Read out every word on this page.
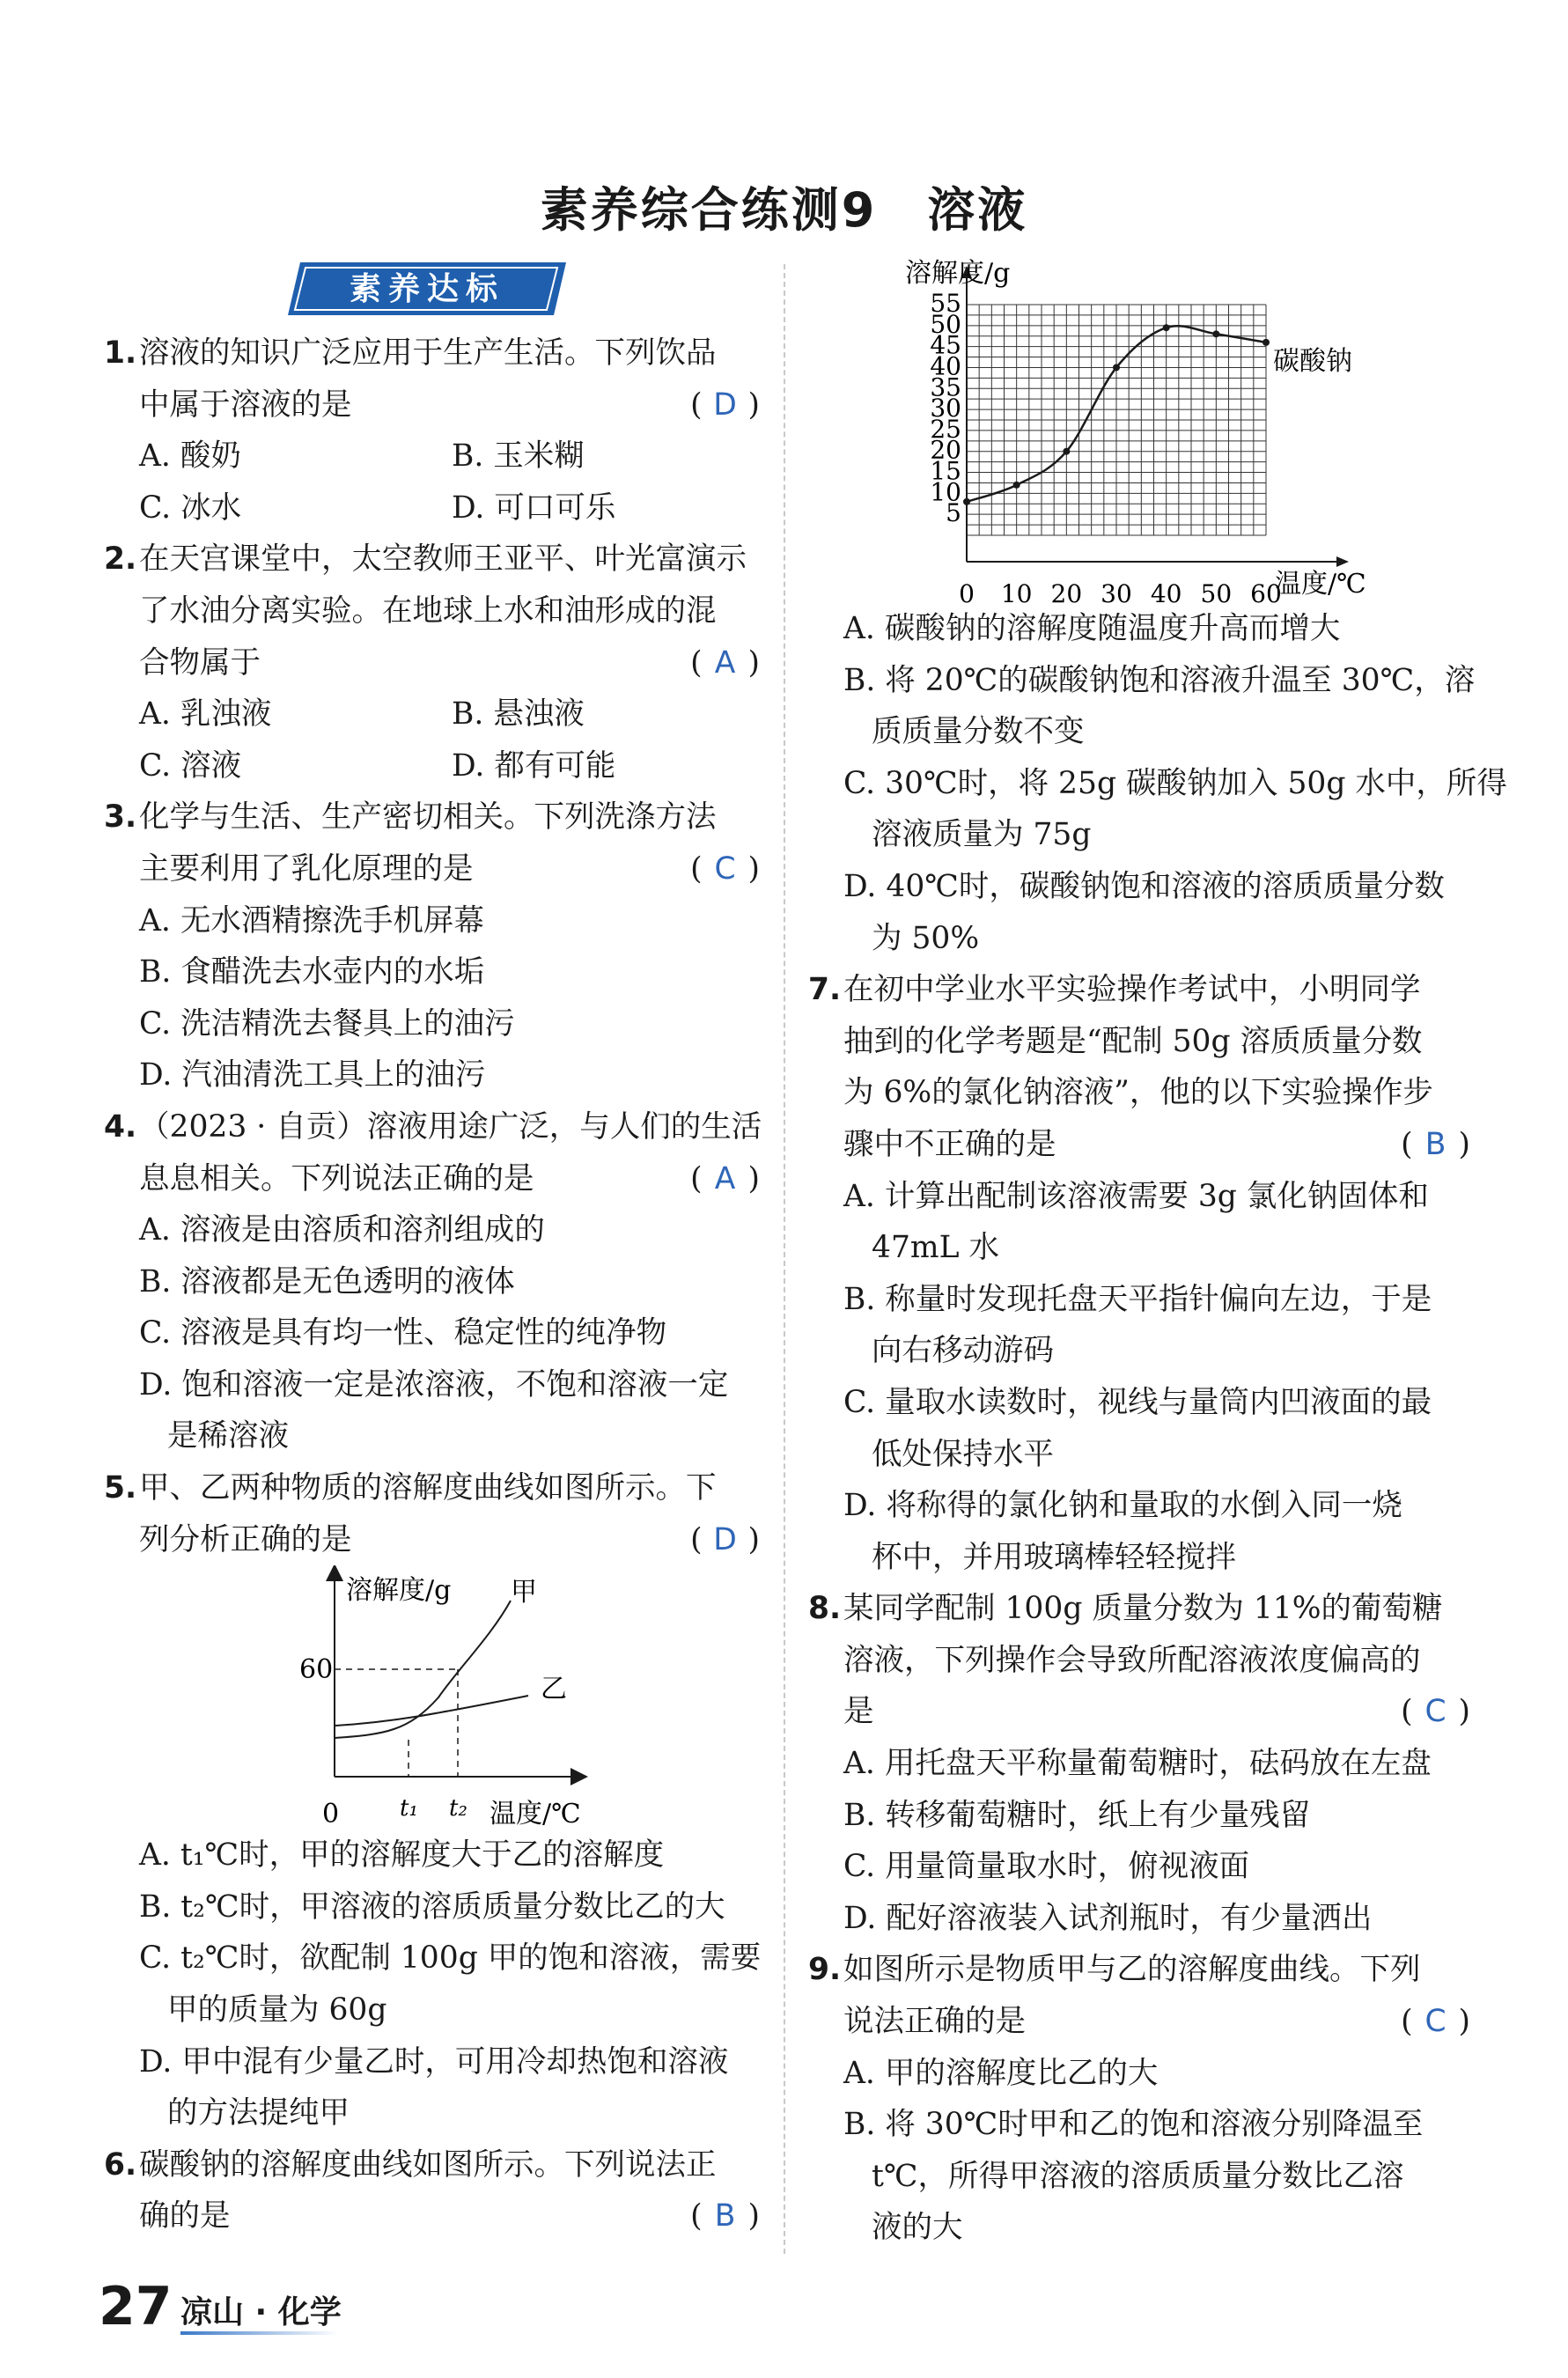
素养综合练测9　溶液
素养达标
1.溶液的知识广泛应用于生产生活。下列饮品
中属于溶液的是	( D )
A. 酸奶	B. 玉米糊
C. 冰水	D. 可口可乐
2.在天宫课堂中，太空教师王亚平、叶光富演示
了水油分离实验。在地球上水和油形成的混
合物属于	( A )
A. 乳浊液	B. 悬浊液
C. 溶液	D. 都有可能
3.化学与生活、生产密切相关。下列洗涤方法
主要利用了乳化原理的是	( C )
A. 无水酒精擦洗手机屏幕
B. 食醋洗去水壶内的水垢
C. 洗洁精洗去餐具上的油污
D. 汽油清洗工具上的油污
4.（2023 · 自贡）溶液用途广泛，与人们的生活
息息相关。下列说法正确的是	( A )
A. 溶液是由溶质和溶剂组成的
B. 溶液都是无色透明的液体
C. 溶液是具有均一性、稳定性的纯净物
D. 饱和溶液一定是浓溶液，不饱和溶液一定
是稀溶液
5.甲、乙两种物质的溶解度曲线如图所示。下
列分析正确的是	( D )
溶解度/g
温度/℃
0
60
t₁ t₂
甲
乙
A. t₁℃时，甲的溶解度大于乙的溶解度
B. t₂℃时，甲溶液的溶质质量分数比乙的大
C. t₂℃时，欲配制 100g 甲的饱和溶液，需要
甲的质量为 60g
D. 甲中混有少量乙时，可用冷却热饱和溶液
的方法提纯甲
6.碳酸钠的溶解度曲线如图所示。下列说法正
确的是	( B )
5
10
15
20
25
30
35
40
45
50
55
0 10 20 30 40 50 60
溶解度/g
温度/℃
碳酸钠
A. 碳酸钠的溶解度随温度升高而增大
B. 将 20℃的碳酸钠饱和溶液升温至 30℃，溶
质质量分数不变
C. 30℃时，将 25g 碳酸钠加入 50g 水中，所得
溶液质量为 75g
D. 40℃时，碳酸钠饱和溶液的溶质质量分数
为 50%
7.在初中学业水平实验操作考试中，小明同学
抽到的化学考题是“配制 50g 溶质质量分数
为 6%的氯化钠溶液”，他的以下实验操作步
骤中不正确的是	( B )
A. 计算出配制该溶液需要 3g 氯化钠固体和
47mL 水
B. 称量时发现托盘天平指针偏向左边，于是
向右移动游码
C. 量取水读数时，视线与量筒内凹液面的最
低处保持水平
D. 将称得的氯化钠和量取的水倒入同一烧
杯中，并用玻璃棒轻轻搅拌
8.某同学配制 100g 质量分数为 11%的葡萄糖
溶液，下列操作会导致所配溶液浓度偏高的
是	( C )
A. 用托盘天平称量葡萄糖时，砝码放在左盘
B. 转移葡萄糖时，纸上有少量残留
C. 用量筒量取水时，俯视液面
D. 配好溶液装入试剂瓶时，有少量洒出
9.如图所示是物质甲与乙的溶解度曲线。下列
说法正确的是	( C )
A. 甲的溶解度比乙的大
B. 将 30℃时甲和乙的饱和溶液分别降温至
t℃，所得甲溶液的溶质质量分数比乙溶
液的大
27 凉山 · 化学
